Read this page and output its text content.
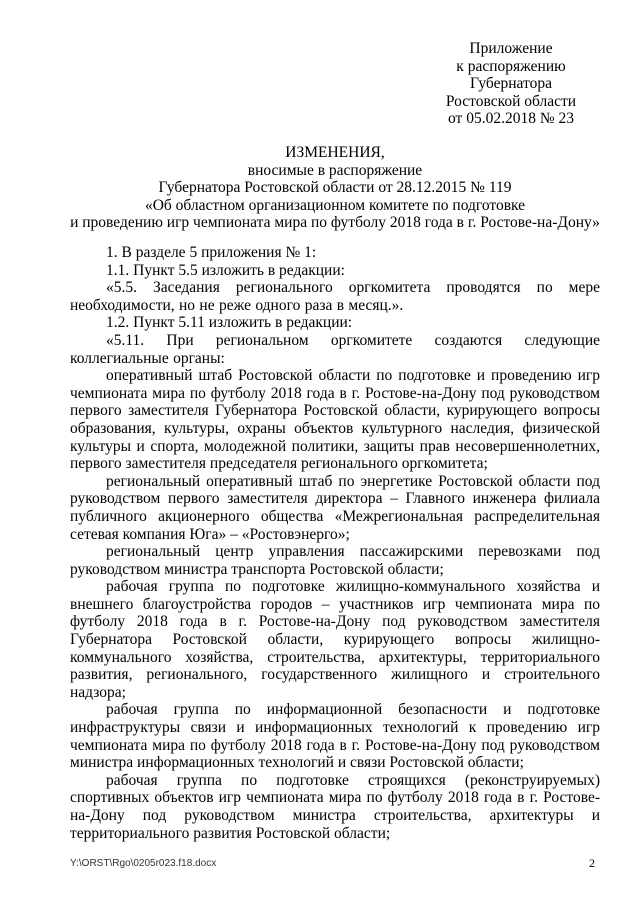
Приложение
к распоряжению
Губернатора
Ростовской области
от 05.02.2018 № 23
ИЗМЕНЕНИЯ,
вносимые в распоряжение
Губернатора Ростовской области от 28.12.2015 № 119
«Об областном организационном комитете по подготовке
и проведению игр чемпионата мира по футболу 2018 года в г. Ростове-на-Дону»

1. В разделе 5 приложения № 1:

1.1. Пункт 5.5 изложить в редакции:

«5.5. Заседания регионального оргкомитета проводятся по мере необходимости, но не реже одного раза в месяц.».

1.2. Пункт 5.11 изложить в редакции:

«5.11. При региональном оргкомитете создаются следующие коллегиальные органы:

оперативный штаб Ростовской области по подготовке и проведению игр чемпионата мира по футболу 2018 года в г. Ростове-на-Дону под руководством первого заместителя Губернатора Ростовской области, курирующего вопросы образования, культуры, охраны объектов культурного наследия, физической культуры и спорта, молодежной политики, защиты прав несовершеннолетних, первого заместителя председателя регионального оргкомитета;

региональный оперативный штаб по энергетике Ростовской области под руководством первого заместителя директора – Главного инженера филиала публичного акционерного общества «Межрегиональная распределительная сетевая компания Юга» – «Ростовэнерго»;

региональный центр управления пассажирскими перевозками под руководством министра транспорта Ростовской области;

рабочая группа по подготовке жилищно-коммунального хозяйства и внешнего благоустройства городов – участников игр чемпионата мира по футболу 2018 года в г. Ростове-на-Дону под руководством заместителя Губернатора Ростовской области, курирующего вопросы жилищно-коммунального хозяйства, строительства, архитектуры, территориального развития, регионального, государственного жилищного и строительного надзора;

рабочая группа по информационной безопасности и подготовке инфраструктуры связи и информационных технологий к проведению игр чемпионата мира по футболу 2018 года в г. Ростове-на-Дону под руководством министра информационных технологий и связи Ростовской области;

рабочая группа по подготовке строящихся (реконструируемых) спортивных объектов игр чемпионата мира по футболу 2018 года в г. Ростове-на-Дону под руководством министра строительства, архитектуры и территориального развития Ростовской области;

Y:\ORST\Rgo\0205r023.f18.docx	2
